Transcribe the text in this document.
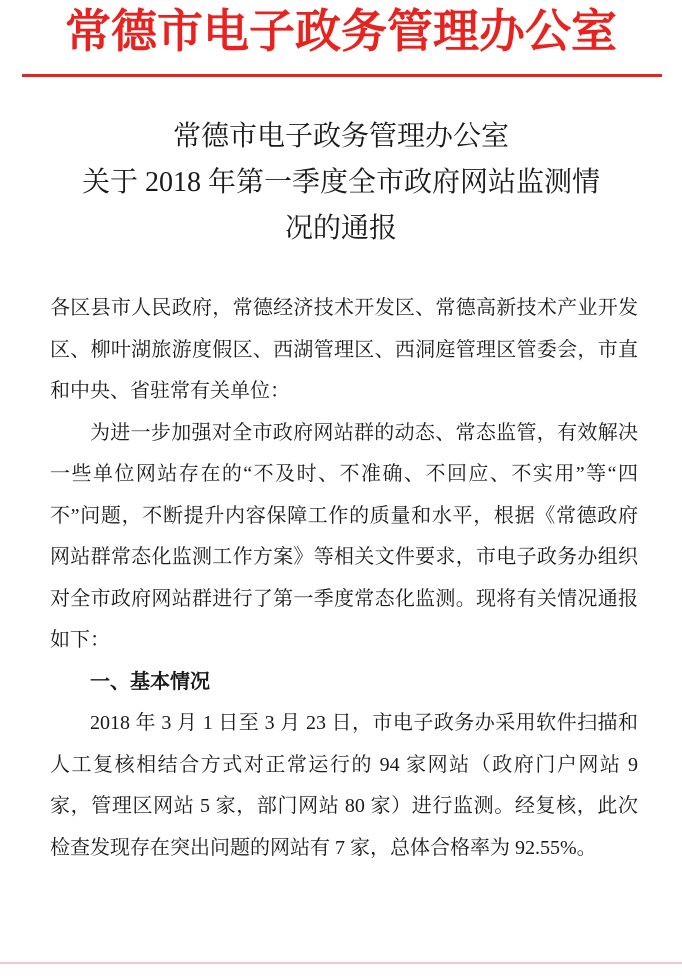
常德市电子政务管理办公室
常德市电子政务管理办公室
关于 2018 年第一季度全市政府网站监测情
况的通报

各区县市人民政府，常德经济技术开发区、常德高新技术产业开发区、柳叶湖旅游度假区、西湖管理区、西洞庭管理区管委会，市直和中央、省驻常有关单位：

为进一步加强对全市政府网站群的动态、常态监管，有效解决一些单位网站存在的“不及时、不准确、不回应、不实用”等“四不”问题，不断提升内容保障工作的质量和水平，根据《常德政府网站群常态化监测工作方案》等相关文件要求，市电子政务办组织对全市政府网站群进行了第一季度常态化监测。现将有关情况通报如下：

一、基本情况

2018 年 3 月 1 日至 3 月 23 日，市电子政务办采用软件扫描和人工复核相结合方式对正常运行的 94 家网站（政府门户网站 9 家，管理区网站 5 家，部门网站 80 家）进行监测。经复核，此次检查发现存在突出问题的网站有 7 家，总体合格率为 92.55%。
